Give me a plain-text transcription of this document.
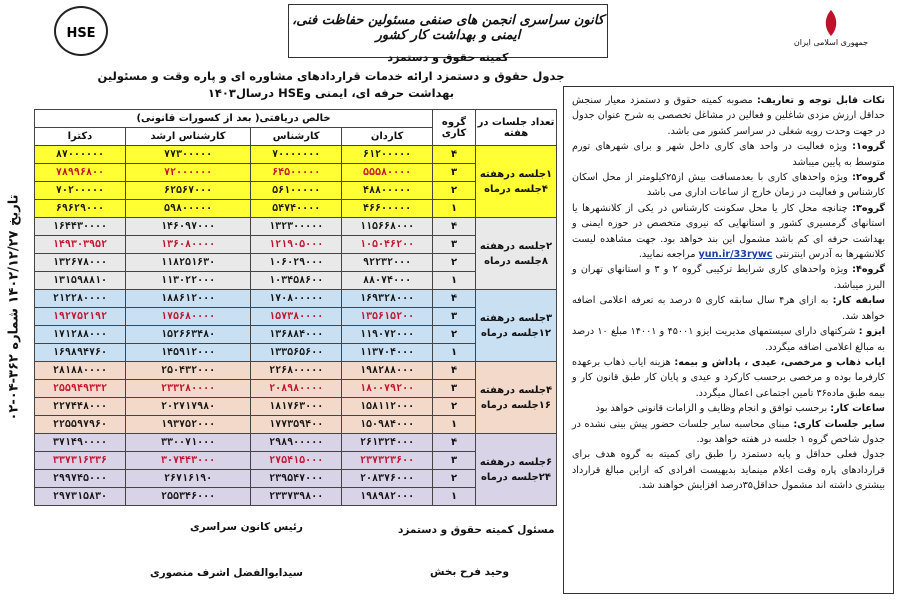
HSE
کانون سراسری انجمن های صنفی مسئولین حفاظت فنی، ایمنی و بهداشت کار کشور
کمیته حقوق و دستمزد
جمهوری اسلامی ایران
جدول حقوق و دستمزد ارائه خدمات قراردادهای مشاوره ای و پاره وقت و مسئولین
بهداشت حرفه ای، ایمنی وHSE درسال۱۴۰۳
تاریخ ۱۴۰۲/۱۲/۲۷ شماره ۳۶۲-۰۴-۰۲
تعداد جلسات در هفته	گروه کاری	خالص دریافتی( بعد از کسورات قانونی)			
		کاردان	کارشناس	کارشناس ارشد	دکترا

۱جلسه درهفته
۴جلسه درماه	۴	۶۱۲۰۰۰۰۰	۷۰۰۰۰۰۰۰	۷۷۳۰۰۰۰۰	۸۷۰۰۰۰۰۰
	۳	۵۵۵۸۰۰۰۰	۶۴۵۰۰۰۰۰	۷۲۰۰۰۰۰۰	۷۸۹۹۶۸۰۰
	۲	۴۸۸۰۰۰۰۰	۵۶۱۰۰۰۰۰	۶۲۵۶۷۰۰۰	۷۰۲۰۰۰۰۰
	۱	۴۶۶۰۰۰۰۰	۵۴۷۴۰۰۰۰	۵۹۸۰۰۰۰۰	۶۹۶۲۹۰۰۰

۲جلسه درهفته
۸جلسه درماه	۴	۱۱۵۶۶۸۰۰۰	۱۳۲۳۰۰۰۰۰	۱۴۶۰۹۷۰۰۰	۱۶۴۴۳۰۰۰۰
	۳	۱۰۵۰۴۶۲۰۰	۱۲۱۹۰۵۰۰۰	۱۳۶۰۸۰۰۰۰	۱۴۹۳۰۳۹۵۲
	۲	۹۲۲۳۲۰۰۰	۱۰۶۰۲۹۰۰۰	۱۱۸۲۵۱۶۳۰	۱۳۲۶۷۸۰۰۰
	۱	۸۸۰۷۴۰۰۰	۱۰۳۴۵۸۶۰۰	۱۱۳۰۲۲۰۰۰	۱۳۱۵۹۸۸۱۰

۳جلسه درهفته
۱۲جلسه درماه	۴	۱۶۹۳۲۸۰۰۰	۱۷۰۸۰۰۰۰۰	۱۸۸۶۱۲۰۰۰	۲۱۲۲۸۰۰۰۰
	۳	۱۳۵۶۱۵۲۰۰	۱۵۷۳۸۰۰۰۰	۱۷۵۶۸۰۰۰۰	۱۹۲۷۵۲۱۹۲
	۲	۱۱۹۰۷۲۰۰۰	۱۳۶۸۸۴۰۰۰	۱۵۲۶۶۳۴۸۰	۱۷۱۲۸۸۰۰۰
	۱	۱۱۳۷۰۴۰۰۰	۱۳۳۵۶۵۶۰۰	۱۴۵۹۱۲۰۰۰	۱۶۹۸۹۴۷۶۰

۴جلسه درهفته
۱۶جلسه درماه	۴	۱۹۸۲۸۸۰۰۰	۲۲۶۸۰۰۰۰۰	۲۵۰۴۳۲۰۰۰	۲۸۱۸۸۰۰۰۰
	۳	۱۸۰۰۷۹۲۰۰	۲۰۸۹۸۰۰۰۰	۲۳۳۲۸۰۰۰۰	۲۵۵۹۴۹۳۳۲
	۲	۱۵۸۱۱۲۰۰۰	۱۸۱۷۶۳۰۰۰	۲۰۲۷۱۷۹۸۰	۲۲۷۴۴۸۰۰۰
	۱	۱۵۰۹۸۴۰۰۰	۱۷۷۳۵۹۴۰۰	۱۹۳۷۵۲۰۰۰	۲۲۵۵۹۷۹۶۰

۶جلسه درهفته
۲۴جلسه درماه	۴	۲۶۱۳۲۴۰۰۰	۲۹۸۹۰۰۰۰۰	۳۳۰۰۷۱۰۰۰	۳۷۱۴۹۰۰۰۰
	۳	۲۳۷۳۲۳۶۰۰	۲۷۵۴۱۵۰۰۰	۳۰۷۴۴۳۰۰۰	۳۳۷۳۱۶۳۳۶
	۲	۲۰۸۳۷۶۰۰۰	۲۳۹۵۴۷۰۰۰	۲۶۷۱۶۱۹۰	۲۹۹۷۴۵۰۰۰
	۱	۱۹۸۹۸۲۰۰۰	۲۳۳۷۳۹۸۰۰	۲۵۵۳۴۶۰۰۰	۲۹۷۳۱۵۸۳۰
رئیس کانون سراسری
سیدابوالفضل اشرف منصوری
مسئول کمیته حقوق و دستمزد
وحید فرح بخش

نکات قابل توجه و تعاریف: مصوبه کمیته حقوق و دستمزد معیار سنجش حداقل ارزش مزدی شاغلین و فعالین در مشاغل تخصصی به شرح عنوان جدول در جهت وحدت رویه شغلی در سراسر کشور می باشد.

گروه۱: ویژه فعالیت در واحد های کاری داخل شهر و برای شهرهای تورم متوسط به پایین میباشد

گروه۲: ویژه واحدهای کاری با بعدمسافت بیش از۲۵کیلومتر از محل اسکان کارشناس و فعالیت در زمان خارج از ساعات اداری می باشد

گروه۳: چنانچه محل کار یا محل سکونت کارشناس در یکی از کلانشهرها یا استانهای گرمسیری کشور و استانهایی که نیروی متخصص در حوزه ایمنی و بهداشت حرفه ای کم باشد مشمول این بند خواهد بود. جهت مشاهده لیست کلانشهرها به آدرس اینترنتی yun.ir/33rywc مراجعه نمایید.

گروه۴: ویژه واحدهای کاری شرایط ترکیبی گروه ۲ و ۳ و استانهای تهران و البرز میباشد.

سابقه کار: به ازای هر۴ سال سابقه کاری ۵ درصد به تعرفه اعلامی اضافه خواهد شد.

ایزو : شرکتهای دارای سیستمهای مدیریت ایزو ۴۵۰۰۱ و ۱۴۰۰۱ مبلغ ۱۰ درصد به مبالغ اعلامی اضافه میگردد.

ایاب ذهاب و مرخصی، عیدی ، پاداش و بیمه: هزینه ایاب ذهاب برعهده کارفرما بوده و مرخصی برحسب کارکرد و عیدی و پایان کار طبق قانون کار و بیمه طبق ماده۳۶ تامین اجتماعی اعمال میگردد.

ساعات کار: برحسب توافق و انجام وظایف و الزامات قانونی خواهد بود

سایر جلسات کاری: مبنای محاسبه سایر جلسات حضور پیش بینی نشده در جدول شاخص گروه ۱ جلسه در هفته خواهد بود.

جدول فعلی حداقل و پایه دستمزد را طبق رای کمیته به گروه هدف برای قراردادهای پاره وقت اعلام مینماید بدیهیست افرادی که ازاین مبالغ قرارداد بیشتری داشته اند مشمول حداقل۳۵درصد افزایش خواهند شد.
